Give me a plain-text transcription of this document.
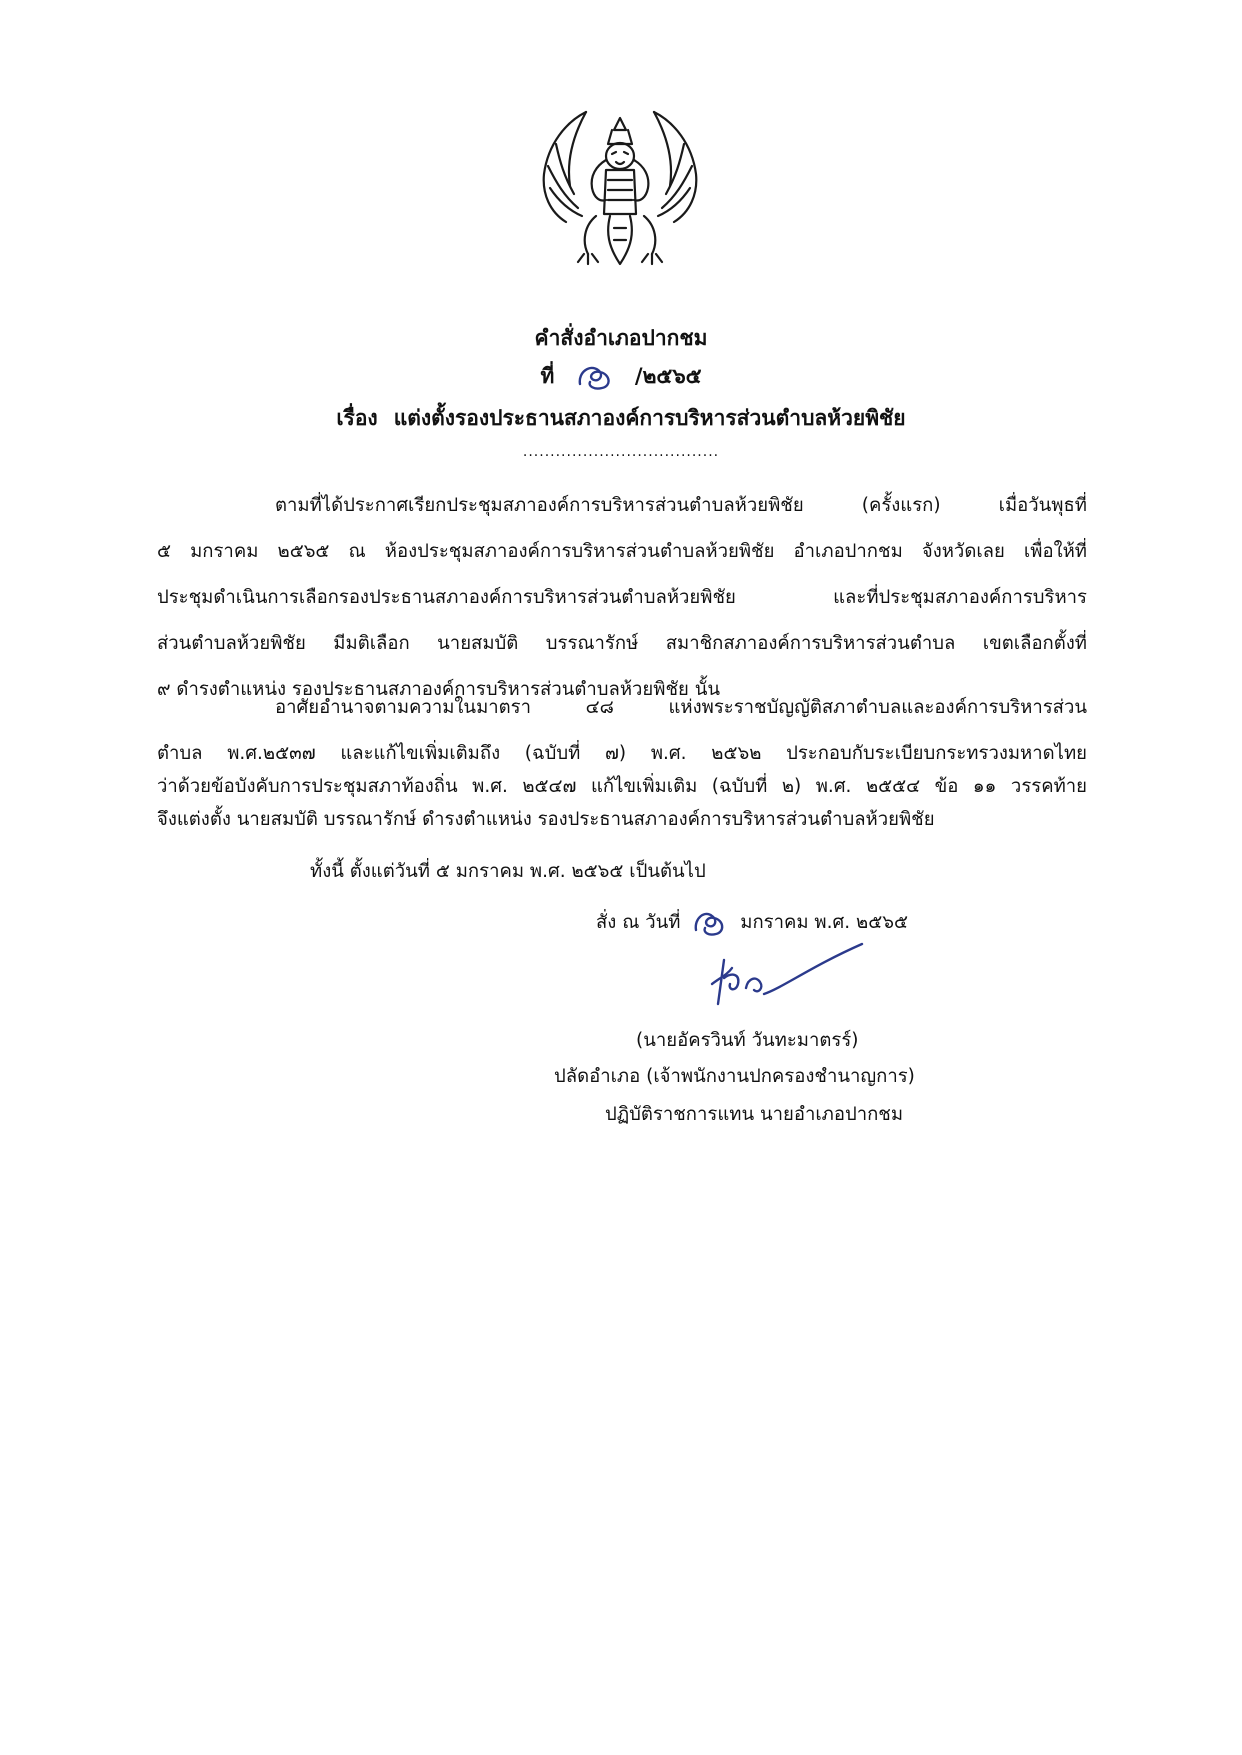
คำสั่งอำเภอปากชม
ที่	/๒๕๖๕
เรื่อง แต่งตั้งรองประธานสภาองค์การบริหารส่วนตำบลห้วยพิชัย
....................................
ตามที่ได้ประกาศเรียกประชุมสภาองค์การบริหารส่วนตำบลห้วยพิชัย (ครั้งแรก) เมื่อวันพุธที่
๕ มกราคม ๒๕๖๕ ณ ห้องประชุมสภาองค์การบริหารส่วนตำบลห้วยพิชัย อำเภอปากชม จังหวัดเลย เพื่อให้ที่
ประชุมดำเนินการเลือกรองประธานสภาองค์การบริหารส่วนตำบลห้วยพิชัย และที่ประชุมสภาองค์การบริหาร
ส่วนตำบลห้วยพิชัย มีมติเลือก นายสมบัติ บรรณารักษ์ สมาชิกสภาองค์การบริหารส่วนตำบล เขตเลือกตั้งที่
๙ ดำรงตำแหน่ง รองประธานสภาองค์การบริหารส่วนตำบลห้วยพิชัย นั้น
อาศัยอำนาจตามความในมาตรา ๔๘ แห่งพระราชบัญญัติสภาตำบลและองค์การบริหารส่วน
ตำบล พ.ศ.๒๕๓๗ และแก้ไขเพิ่มเติมถึง (ฉบับที่ ๗) พ.ศ. ๒๕๖๒ ประกอบกับระเบียบกระทรวงมหาดไทย
ว่าด้วยข้อบังคับการประชุมสภาท้องถิ่น พ.ศ. ๒๕๔๗ แก้ไขเพิ่มเติม (ฉบับที่ ๒) พ.ศ. ๒๕๕๔ ข้อ ๑๑ วรรคท้าย
จึงแต่งตั้ง นายสมบัติ บรรณารักษ์ ดำรงตำแหน่ง รองประธานสภาองค์การบริหารส่วนตำบลห้วยพิชัย
ทั้งนี้ ตั้งแต่วันที่ ๕ มกราคม พ.ศ. ๒๕๖๕ เป็นต้นไป
สั่ง ณ วันที่	มกราคม พ.ศ. ๒๕๖๕
(นายอัครวินท์ วันทะมาตรร์)
ปลัดอำเภอ (เจ้าพนักงานปกครองชำนาญการ)
ปฏิบัติราชการแทน นายอำเภอปากชม
